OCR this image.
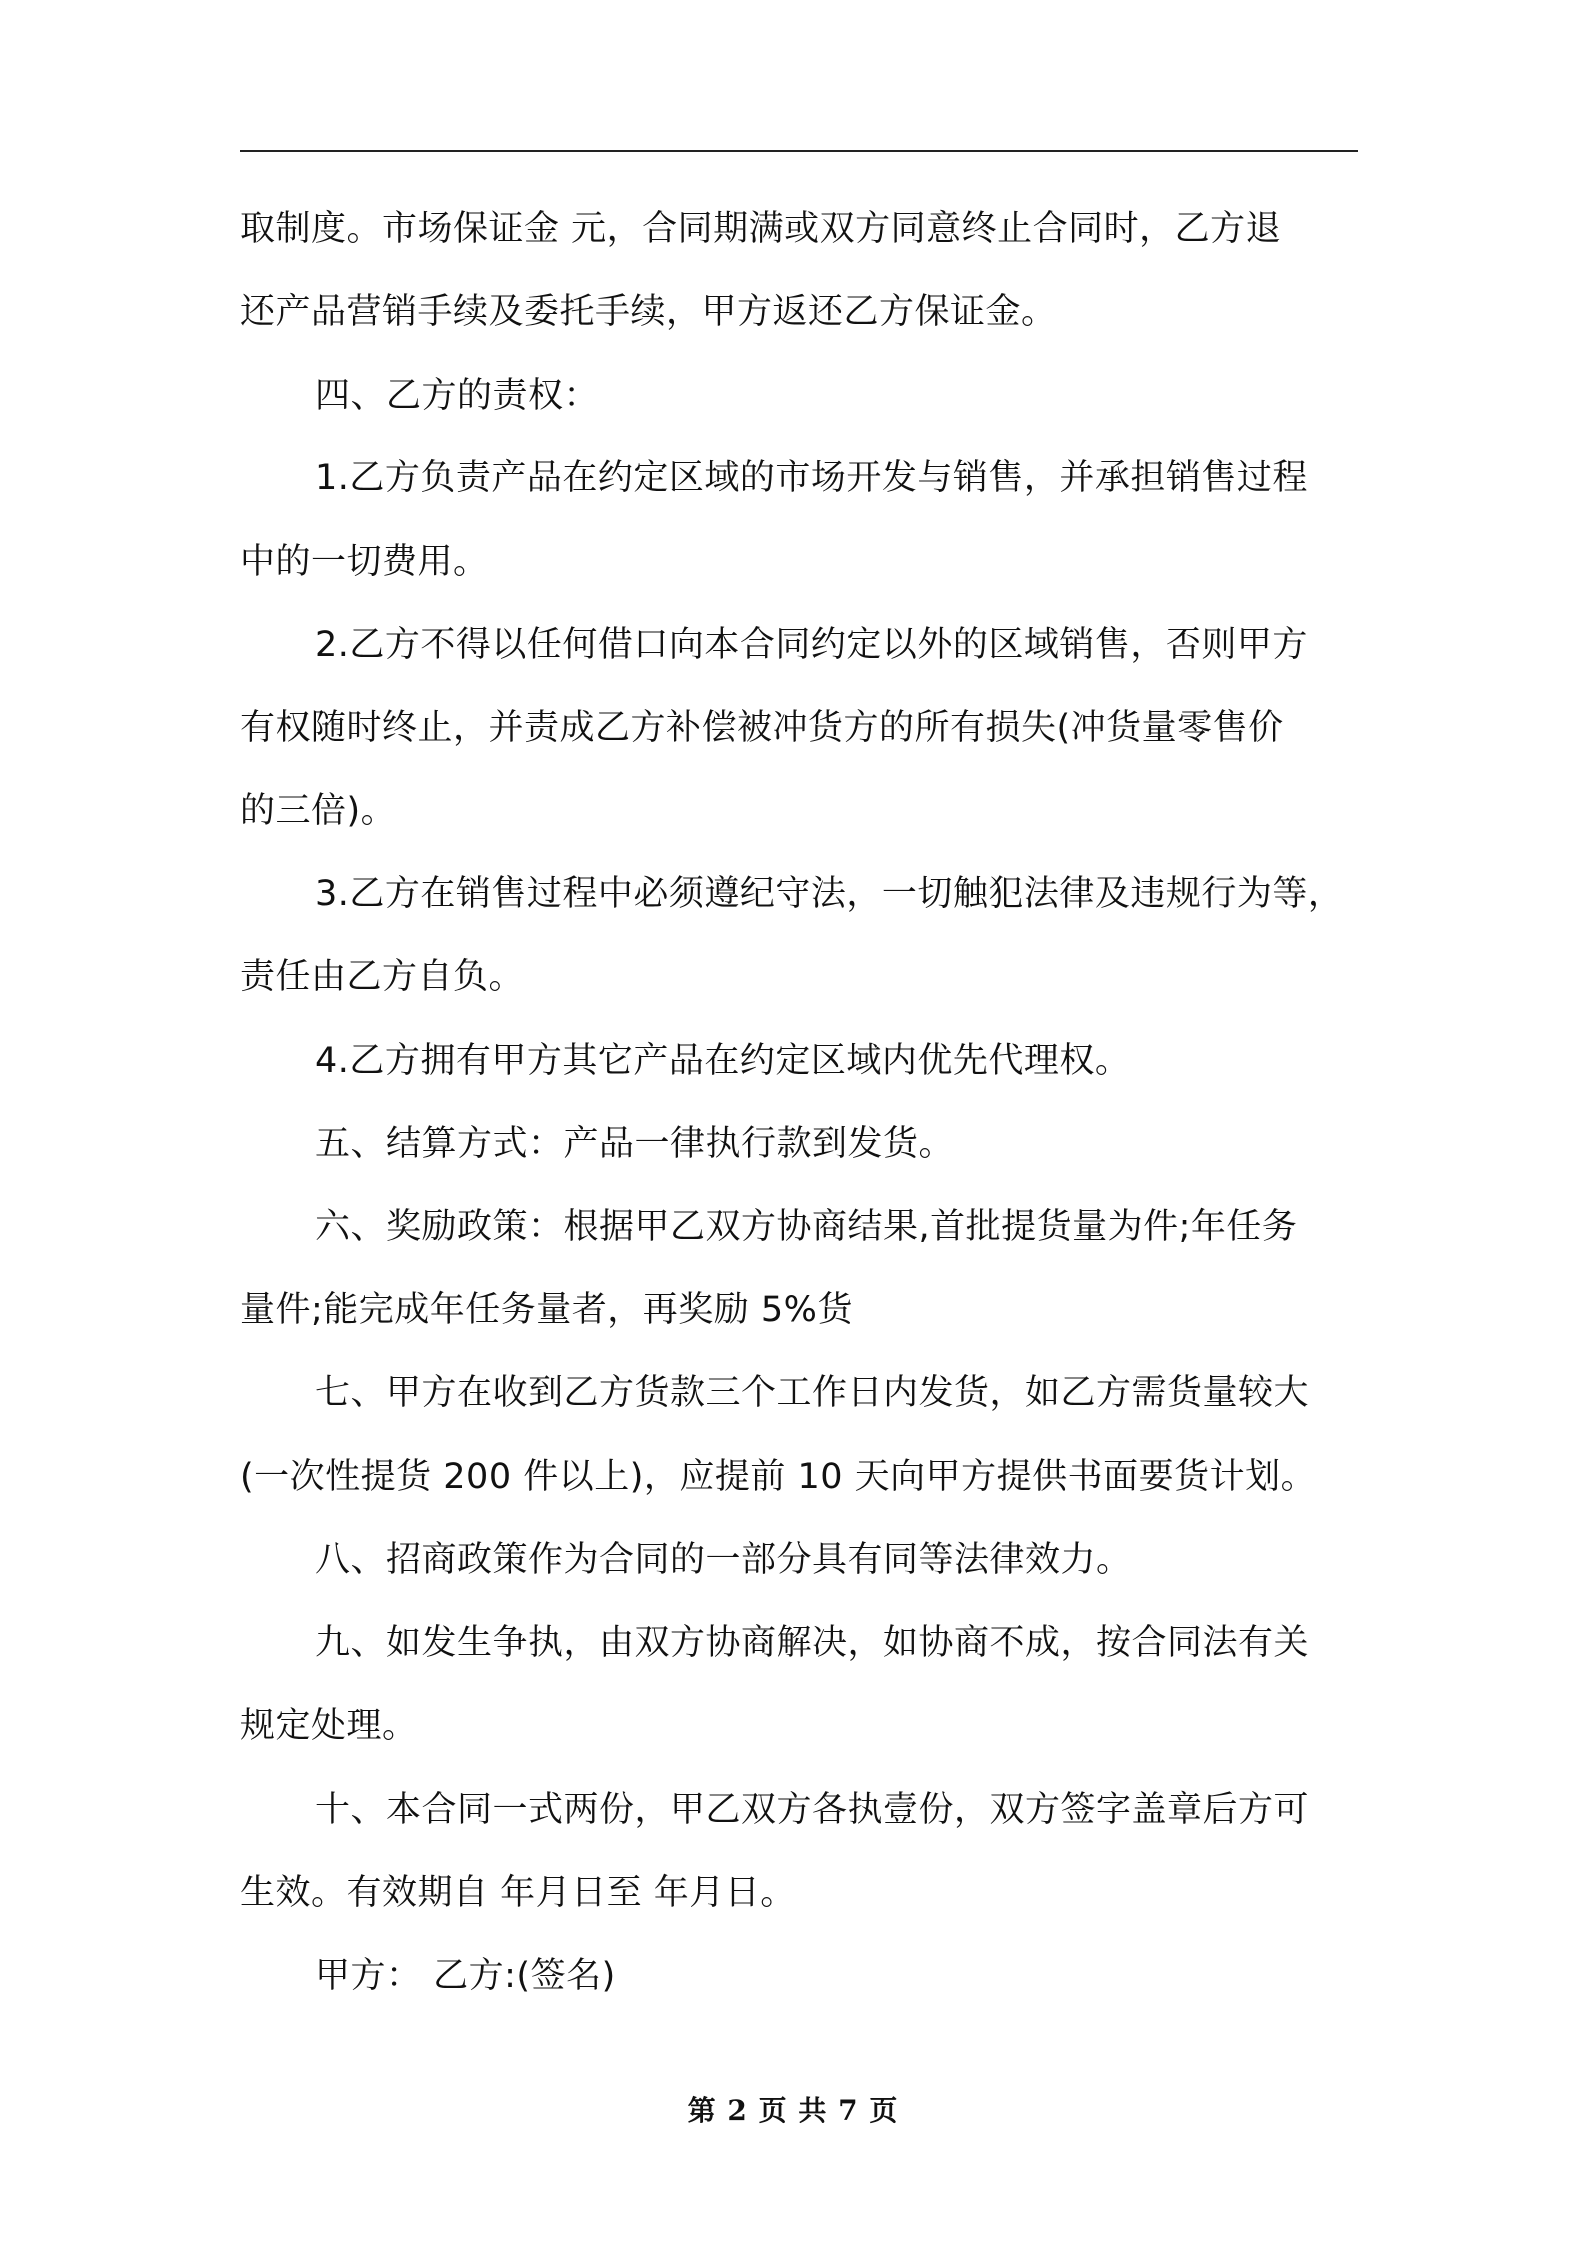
取制度。市场保证金 元，合同期满或双方同意终止合同时，乙方退
还产品营销手续及委托手续，甲方返还乙方保证金。
四、乙方的责权：
1.乙方负责产品在约定区域的市场开发与销售，并承担销售过程
中的一切费用。
2.乙方不得以任何借口向本合同约定以外的区域销售，否则甲方
有权随时终止，并责成乙方补偿被冲货方的所有损失(冲货量零售价
的三倍)。
3.乙方在销售过程中必须遵纪守法，一切触犯法律及违规行为等，
责任由乙方自负。
4.乙方拥有甲方其它产品在约定区域内优先代理权。
五、结算方式：产品一律执行款到发货。
六、奖励政策：根据甲乙双方协商结果,首批提货量为件;年任务
量件;能完成年任务量者，再奖励 5%货
七、甲方在收到乙方货款三个工作日内发货，如乙方需货量较大
(一次性提货 200 件以上)，应提前 10 天向甲方提供书面要货计划。
八、招商政策作为合同的一部分具有同等法律效力。
九、如发生争执，由双方协商解决，如协商不成，按合同法有关
规定处理。
十、本合同一式两份，甲乙双方各执壹份，双方签字盖章后方可
生效。有效期自 年月日至 年月日。
甲方： 乙方:(签名)
第 2 页 共 7 页
